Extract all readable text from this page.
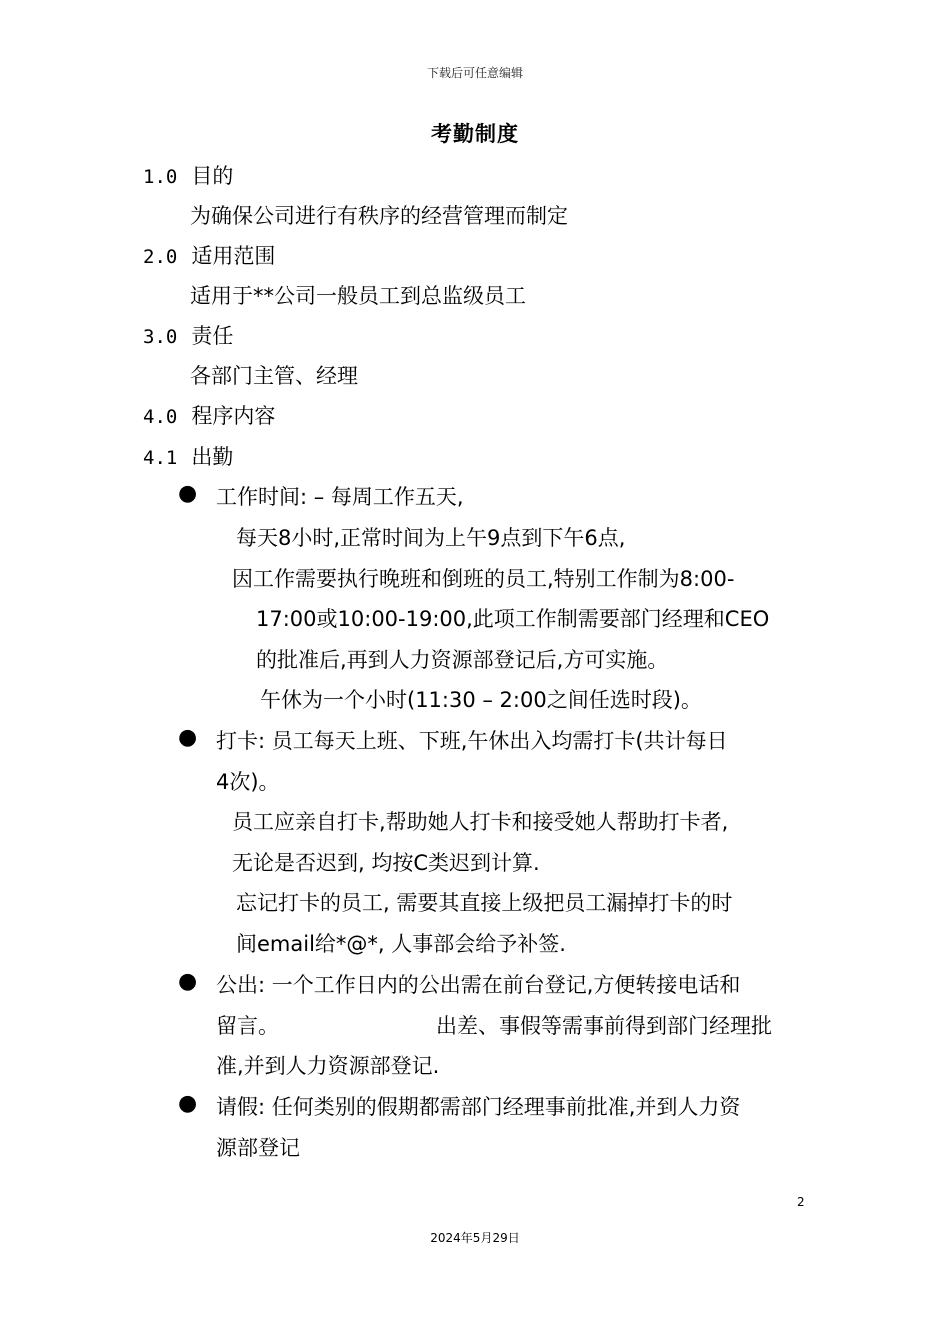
下载后可任意编辑
考勤制度
1.0 目的
为确保公司进行有秩序的经营管理而制定
2.0 适用范围
适用于**公司一般员工到总监级员工
3.0 责任
各部门主管、经理
4.0 程序内容
4.1 出勤
● 工作时间: – 每周工作五天,
每天8小时,正常时间为上午9点到下午6点,
因工作需要执行晚班和倒班的员工,特别工作制为8:00-
17:00或10:00-19:00,此项工作制需要部门经理和CEO
的批准后,再到人力资源部登记后,方可实施。
午休为一个小时(11:30 – 2:00之间任选时段)。
● 打卡: 员工每天上班、下班,午休出入均需打卡(共计每日
4次)。
员工应亲自打卡,帮助她人打卡和接受她人帮助打卡者,
无论是否迟到, 均按C类迟到计算.
忘记打卡的员工, 需要其直接上级把员工漏掉打卡的时
间email给*@*, 人事部会给予补签.
● 公出: 一个工作日内的公出需在前台登记,方便转接电话和
留言。	出差、事假等需事前得到部门经理批
准,并到人力资源部登记.
● 请假: 任何类别的假期都需部门经理事前批准,并到人力资
源部登记
2
2024年5月29日
